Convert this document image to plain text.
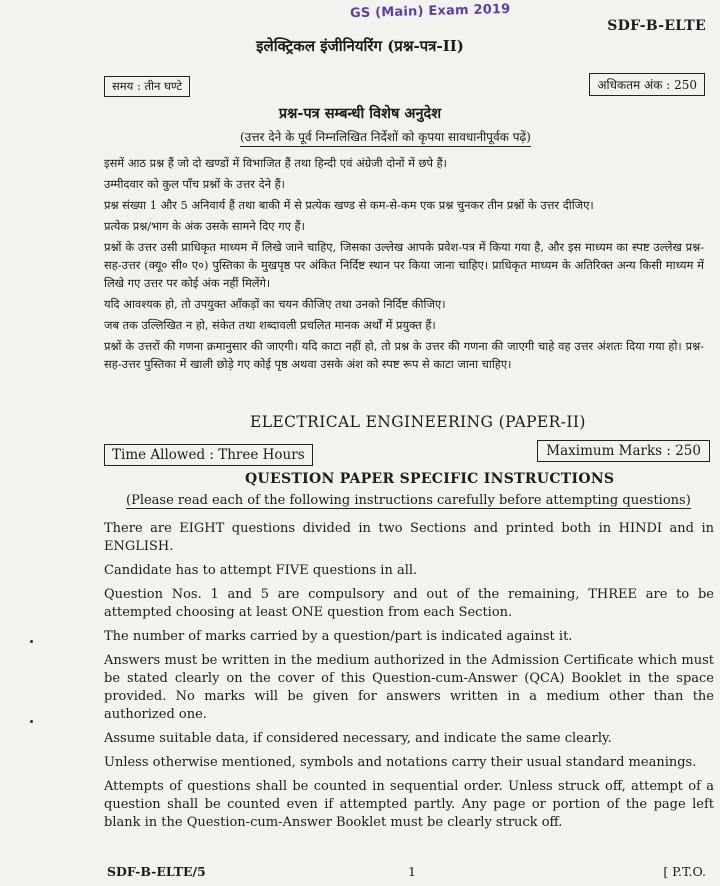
GS (Main) Exam 2019
SDF-B-ELTE
इलेक्ट्रिकल इंजीनियरिंग (प्रश्न-पत्र-II)
समय : तीन घण्टे	अधिकतम अंक : 250
प्रश्न-पत्र सम्बन्धी विशेष अनुदेश
(उत्तर देने के पूर्व निम्नलिखित निर्देशों को कृपया सावधानीपूर्वक पढ़ें)

इसमें आठ प्रश्न हैं जो दो खण्डों में विभाजित हैं तथा हिन्दी एवं अंग्रेजी दोनों में छपे हैं।

उम्मीदवार को कुल पाँच प्रश्नों के उत्तर देने हैं।

प्रश्न संख्या 1 और 5 अनिवार्य हैं तथा बाकी में से प्रत्येक खण्ड से कम-से-कम एक प्रश्न चुनकर तीन प्रश्नों के उत्तर दीजिए।

प्रत्येक प्रश्न/भाग के अंक उसके सामने दिए गए हैं।

प्रश्नों के उत्तर उसी प्राधिकृत माध्यम में लिखे जाने चाहिए, जिसका उल्लेख आपके प्रवेश-पत्र में किया गया है, और इस माध्यम का स्पष्ट उल्लेख प्रश्न-सह-उत्तर (क्यू० सी० ए०) पुस्तिका के मुखपृष्ठ पर अंकित निर्दिष्ट स्थान पर किया जाना चाहिए। प्राधिकृत माध्यम के अतिरिक्त अन्य किसी माध्यम में लिखे गए उत्तर पर कोई अंक नहीं मिलेंगे।

यदि आवश्यक हो, तो उपयुक्त आँकड़ों का चयन कीजिए तथा उनको निर्दिष्ट कीजिए।

जब तक उल्लिखित न हो, संकेत तथा शब्दावली प्रचलित मानक अर्थों में प्रयुक्त हैं।

प्रश्नों के उत्तरों की गणना क्रमानुसार की जाएगी। यदि काटा नहीं हो, तो प्रश्न के उत्तर की गणना की जाएगी चाहे वह उत्तर अंशतः दिया गया हो। प्रश्न-सह-उत्तर पुस्तिका में खाली छोड़े गए कोई पृष्ठ अथवा उसके अंश को स्पष्ट रूप से काटा जाना चाहिए।

ELECTRICAL ENGINEERING (PAPER-II)
Time Allowed : Three Hours	Maximum Marks : 250
QUESTION PAPER SPECIFIC INSTRUCTIONS
(Please read each of the following instructions carefully before attempting questions)

There are EIGHT questions divided in two Sections and printed both in HINDI and in ENGLISH.

Candidate has to attempt FIVE questions in all.

Question Nos. 1 and 5 are compulsory and out of the remaining, THREE are to be attempted choosing at least ONE question from each Section.

The number of marks carried by a question/part is indicated against it.

Answers must be written in the medium authorized in the Admission Certificate which must be stated clearly on the cover of this Question-cum-Answer (QCA) Booklet in the space provided. No marks will be given for answers written in a medium other than the authorized one.

Assume suitable data, if considered necessary, and indicate the same clearly.

Unless otherwise mentioned, symbols and notations carry their usual standard meanings.

Attempts of questions shall be counted in sequential order. Unless struck off, attempt of a question shall be counted even if attempted partly. Any page or portion of the page left blank in the Question-cum-Answer Booklet must be clearly struck off.

SDF-B-ELTE/5	1	[ P.T.O.
